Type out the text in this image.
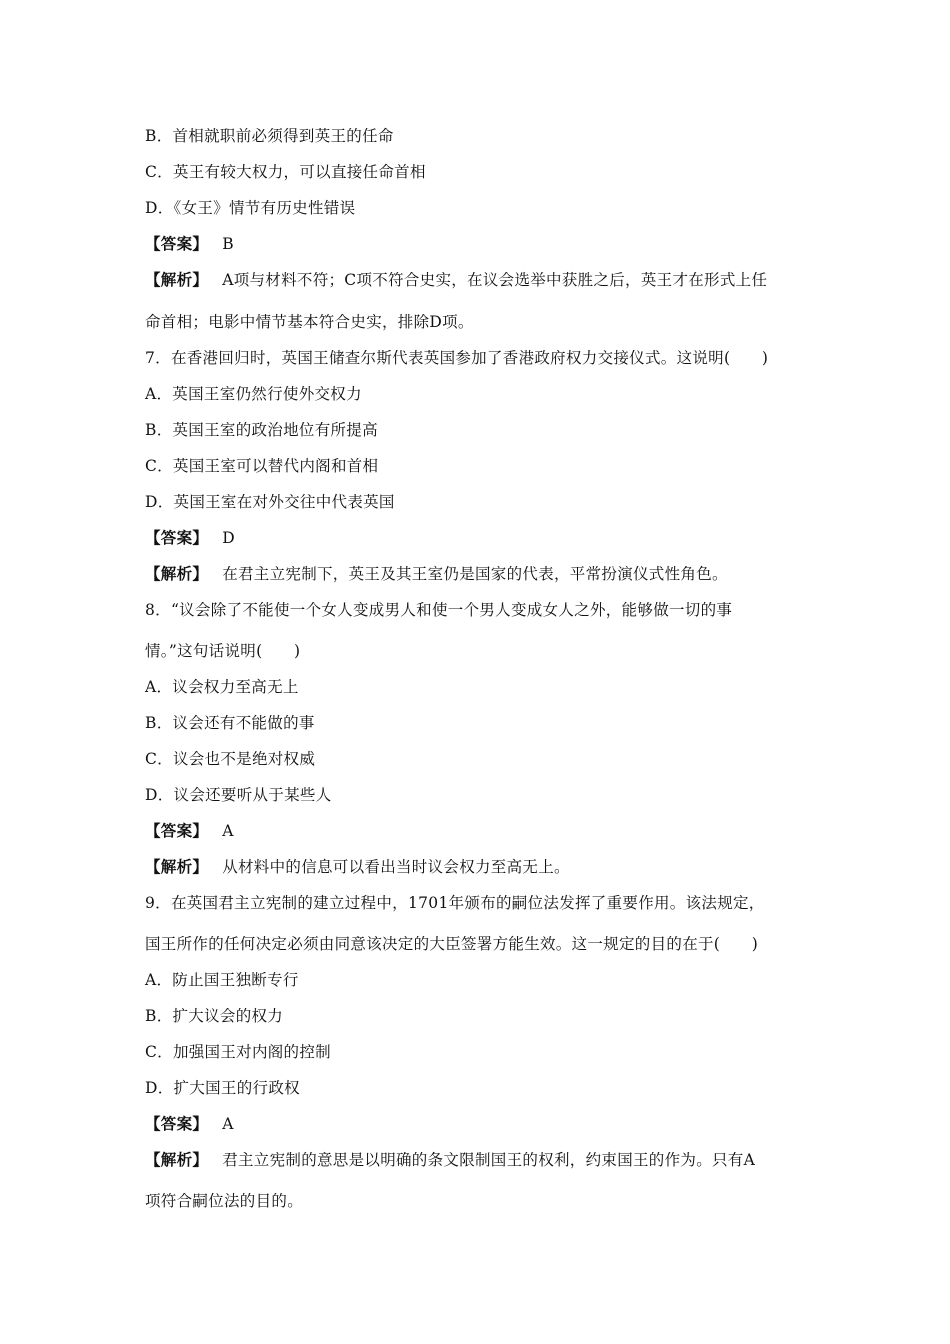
B．首相就职前必须得到英王的任命
C．英王有较大权力，可以直接任命首相
D．《女王》情节有历史性错误
【答案】 B
【解析】 A项与材料不符；C项不符合史实，在议会选举中获胜之后，英王才在形式上任
命首相；电影中情节基本符合史实，排除D项。
7．在香港回归时，英国王储查尔斯代表英国参加了香港政府权力交接仪式。这说明(　　)
A．英国王室仍然行使外交权力
B．英国王室的政治地位有所提高
C．英国王室可以替代内阁和首相
D．英国王室在对外交往中代表英国
【答案】 D
【解析】 在君主立宪制下，英王及其王室仍是国家的代表，平常扮演仪式性角色。
8．“议会除了不能使一个女人变成男人和使一个男人变成女人之外，能够做一切的事
情。”这句话说明(　　)
A．议会权力至高无上
B．议会还有不能做的事
C．议会也不是绝对权威
D．议会还要听从于某些人
【答案】 A
【解析】 从材料中的信息可以看出当时议会权力至高无上。
9．在英国君主立宪制的建立过程中，1701年颁布的嗣位法发挥了重要作用。该法规定，
国王所作的任何决定必须由同意该决定的大臣签署方能生效。这一规定的目的在于(　　)
A．防止国王独断专行
B．扩大议会的权力
C．加强国王对内阁的控制
D．扩大国王的行政权
【答案】 A
【解析】 君主立宪制的意思是以明确的条文限制国王的权利，约束国王的作为。只有A
项符合嗣位法的目的。
